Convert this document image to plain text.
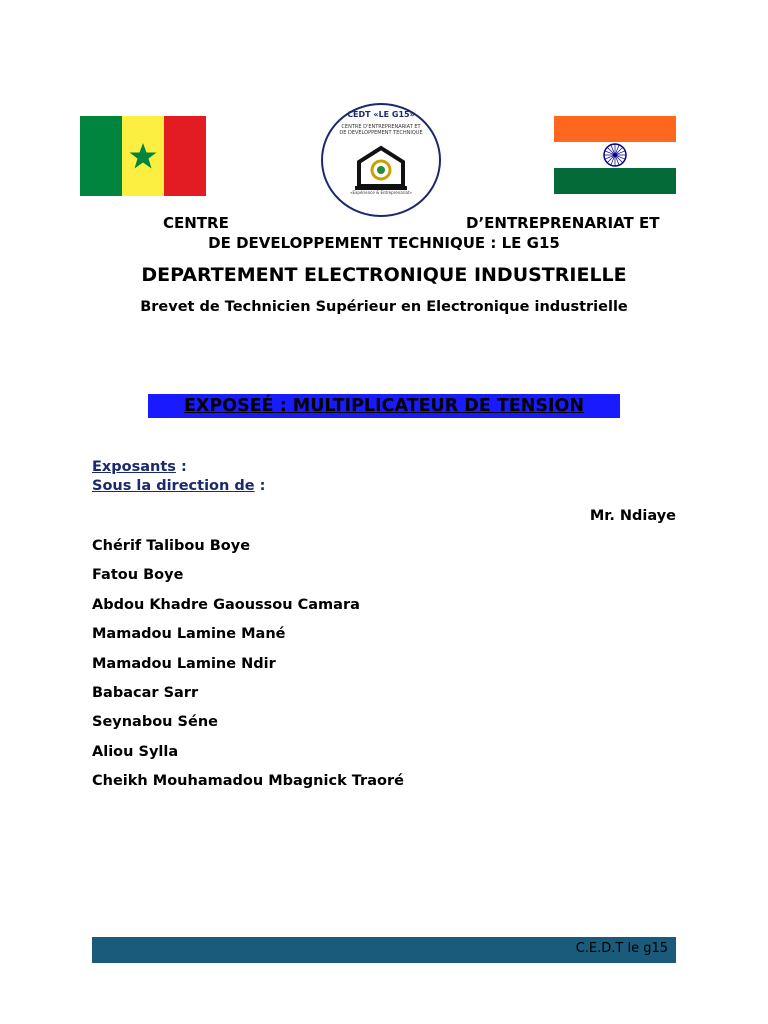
CEDT «LE G15»
CENTRE D'ENTREPRENARIAT ET
DE DEVELOPPEMENT TECHNIQUE
«Expérience & Entreprenariat»
CENTRE	D’ENTREPRENARIAT ET
DE DEVELOPPEMENT TECHNIQUE : LE G15
DEPARTEMENT ELECTRONIQUE INDUSTRIELLE
Brevet de Technicien Supérieur en Electronique industrielle
EXPOSEÉ : MULTIPLICATEUR DE TENSION
Exposants :
Sous la direction de :
Mr. Ndiaye
Chérif Talibou Boye
Fatou Boye
Abdou Khadre Gaoussou Camara
Mamadou Lamine Mané
Mamadou Lamine Ndir
Babacar Sarr
Seynabou Séne
Aliou Sylla
Cheikh Mouhamadou Mbagnick Traoré
C.E.D.T le g15
